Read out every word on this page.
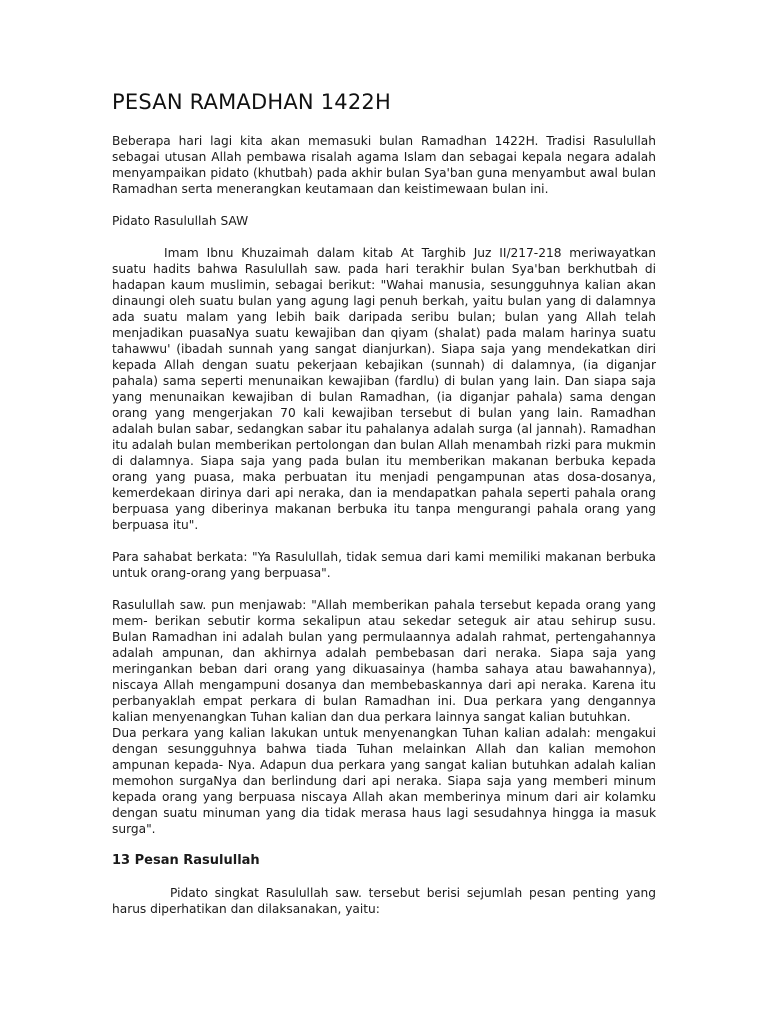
PESAN RAMADHAN 1422H

Beberapa hari lagi kita akan memasuki bulan Ramadhan 1422H. Tradisi Rasulullah sebagai utusan Allah pembawa risalah agama Islam dan sebagai kepala negara adalah menyampaikan pidato (khutbah) pada akhir bulan Sya'ban guna menyambut awal bulan Ramadhan serta menerangkan keutamaan dan keistimewaan bulan ini.

Pidato Rasulullah SAW

Imam Ibnu Khuzaimah dalam kitab At Targhib Juz II/217-218 meriwayatkan suatu hadits bahwa Rasulullah saw. pada hari terakhir bulan Sya'ban berkhutbah di hadapan kaum muslimin, sebagai berikut: "Wahai manusia, sesungguhnya kalian akan dinaungi oleh suatu bulan yang agung lagi penuh berkah, yaitu bulan yang di dalamnya ada suatu malam yang lebih baik daripada seribu bulan; bulan yang Allah telah menjadikan puasaNya suatu kewajiban dan qiyam (shalat) pada malam harinya suatu tahawwu' (ibadah sunnah yang sangat dianjurkan). Siapa saja yang mendekatkan diri kepada Allah dengan suatu pekerjaan kebajikan (sunnah) di dalamnya, (ia diganjar pahala) sama seperti menunaikan kewajiban (fardlu) di bulan yang lain. Dan siapa saja yang menunaikan kewajiban di bulan Ramadhan, (ia diganjar pahala) sama dengan orang yang mengerjakan 70 kali kewajiban tersebut di bulan yang lain. Ramadhan adalah bulan sabar, sedangkan sabar itu pahalanya adalah surga (al jannah). Ramadhan itu adalah bulan memberikan pertolongan dan bulan Allah menambah rizki para mukmin di dalamnya. Siapa saja yang pada bulan itu memberikan makanan berbuka kepada orang yang puasa, maka perbuatan itu menjadi pengampunan atas dosa-dosanya, kemerdekaan dirinya dari api neraka, dan ia mendapatkan pahala seperti pahala orang berpuasa yang diberinya makanan berbuka itu tanpa mengurangi pahala orang yang berpuasa itu".

Para sahabat berkata: "Ya Rasulullah, tidak semua dari kami memiliki makanan berbuka untuk orang-orang yang berpuasa".

Rasulullah saw. pun menjawab: "Allah memberikan pahala tersebut kepada orang yang mem- berikan sebutir korma sekalipun atau sekedar seteguk air atau sehirup susu. Bulan Ramadhan ini adalah bulan yang permulaannya adalah rahmat, pertengahannya adalah ampunan, dan akhirnya adalah pembebasan dari neraka. Siapa saja yang meringankan beban dari orang yang dikuasainya (hamba sahaya atau bawahannya), niscaya Allah mengampuni dosanya dan membebaskannya dari api neraka. Karena itu perbanyaklah empat perkara di bulan Ramadhan ini. Dua perkara yang dengannya kalian menyenangkan Tuhan kalian dan dua perkara lainnya sangat kalian butuhkan.

Dua perkara yang kalian lakukan untuk menyenangkan Tuhan kalian adalah: mengakui dengan sesungguhnya bahwa tiada Tuhan melainkan Allah dan kalian memohon ampunan kepada- Nya. Adapun dua perkara yang sangat kalian butuhkan adalah kalian memohon surgaNya dan berlindung dari api neraka. Siapa saja yang memberi minum kepada orang yang berpuasa niscaya Allah akan memberinya minum dari air kolamku dengan suatu minuman yang dia tidak merasa haus lagi sesudahnya hingga ia masuk surga".

13 Pesan Rasulullah

Pidato singkat Rasulullah saw. tersebut berisi sejumlah pesan penting yang harus diperhatikan dan dilaksanakan, yaitu:
